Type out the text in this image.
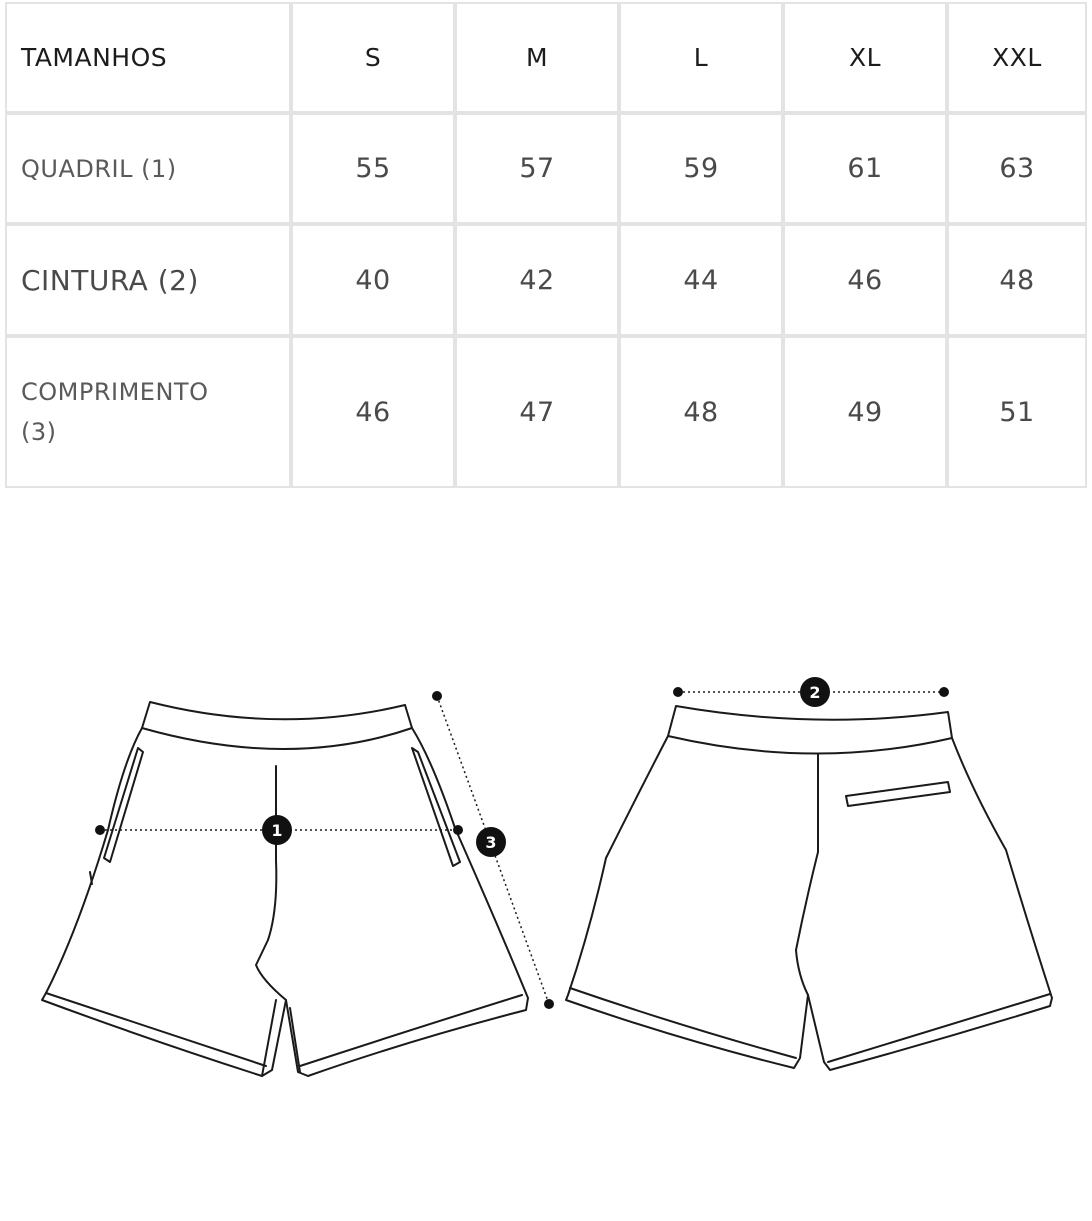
TAMANHOS	S	M	L	XL	XXL
QUADRIL (1)	55	57	59	61	63
CINTURA (2)	40	42	44	46	48
COMPRIMENTO (3)	46	47	48	49	51
1
2
3
